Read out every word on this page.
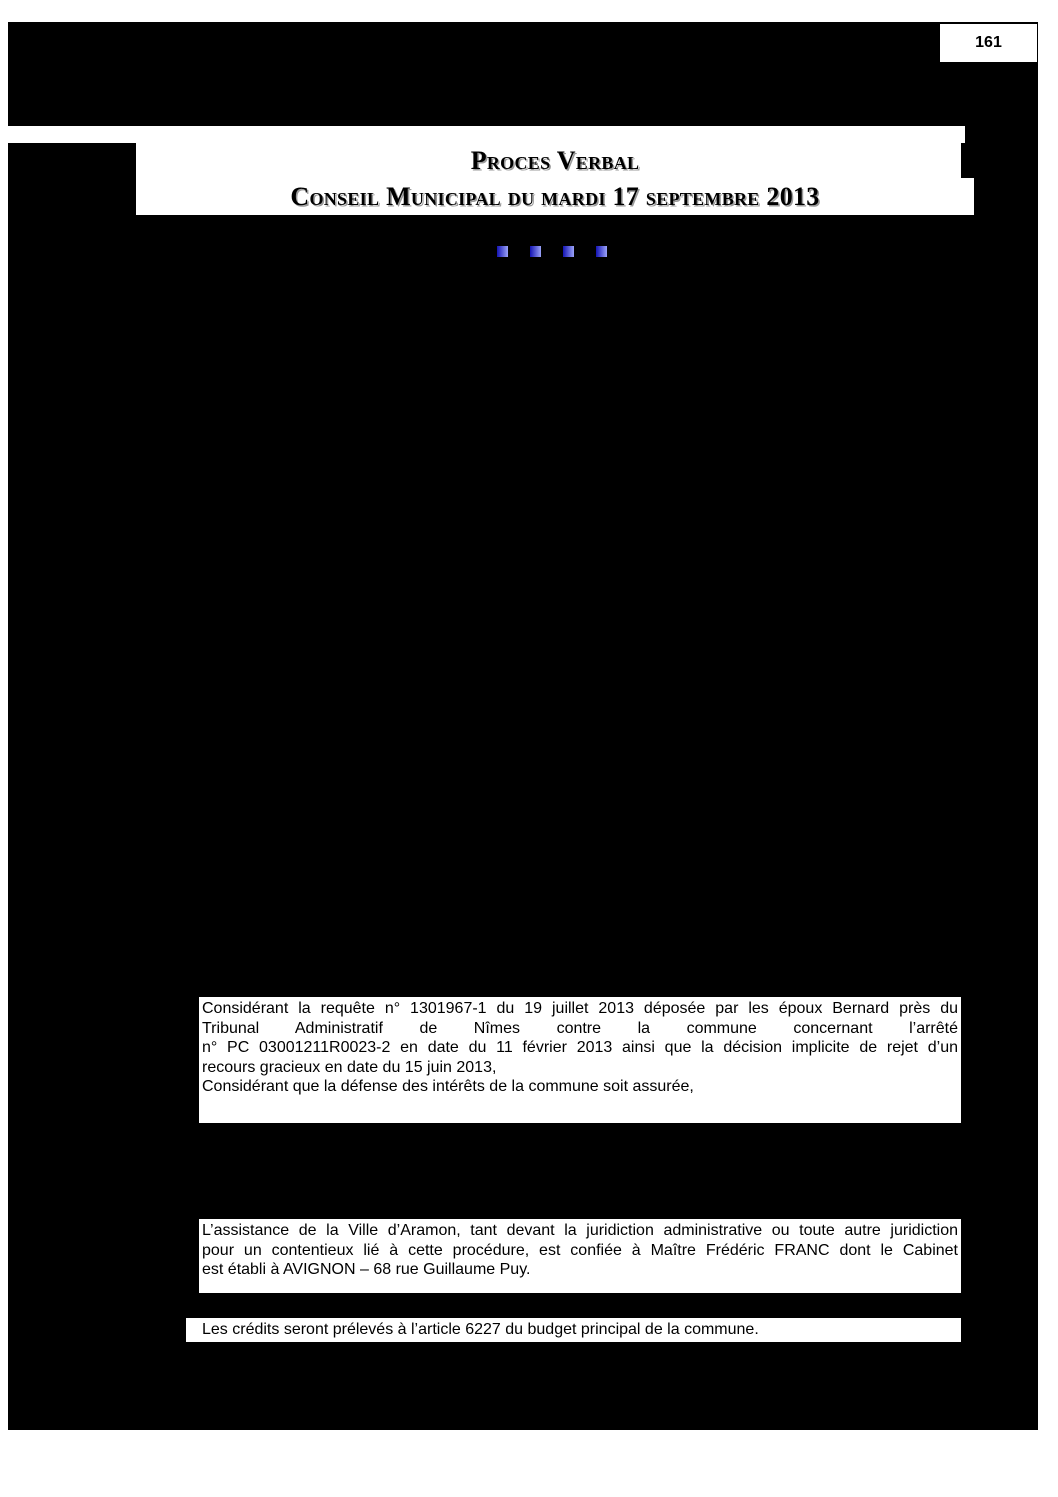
161
Proces Verbal
Conseil Municipal du mardi 17 septembre 2013

Considérant la requête n° 1301967-1 du 19 juillet 2013 déposée par les époux Bernard près du

Tribunal Administratif de Nîmes contre la commune concernant l’arrêté

n° PC 03001211R0023-2 en date du 11 février 2013 ainsi que la décision implicite de rejet d’un

recours gracieux en date du 15 juin 2013,

Considérant que la défense des intérêts de la commune soit assurée,

L’assistance de la Ville d’Aramon, tant devant la juridiction administrative ou toute autre juridiction

pour un contentieux lié à cette procédure, est confiée à Maître Frédéric FRANC dont le Cabinet

est établi à AVIGNON – 68 rue Guillaume Puy.

Les crédits seront prélevés à l’article 6227 du budget principal de la commune.
